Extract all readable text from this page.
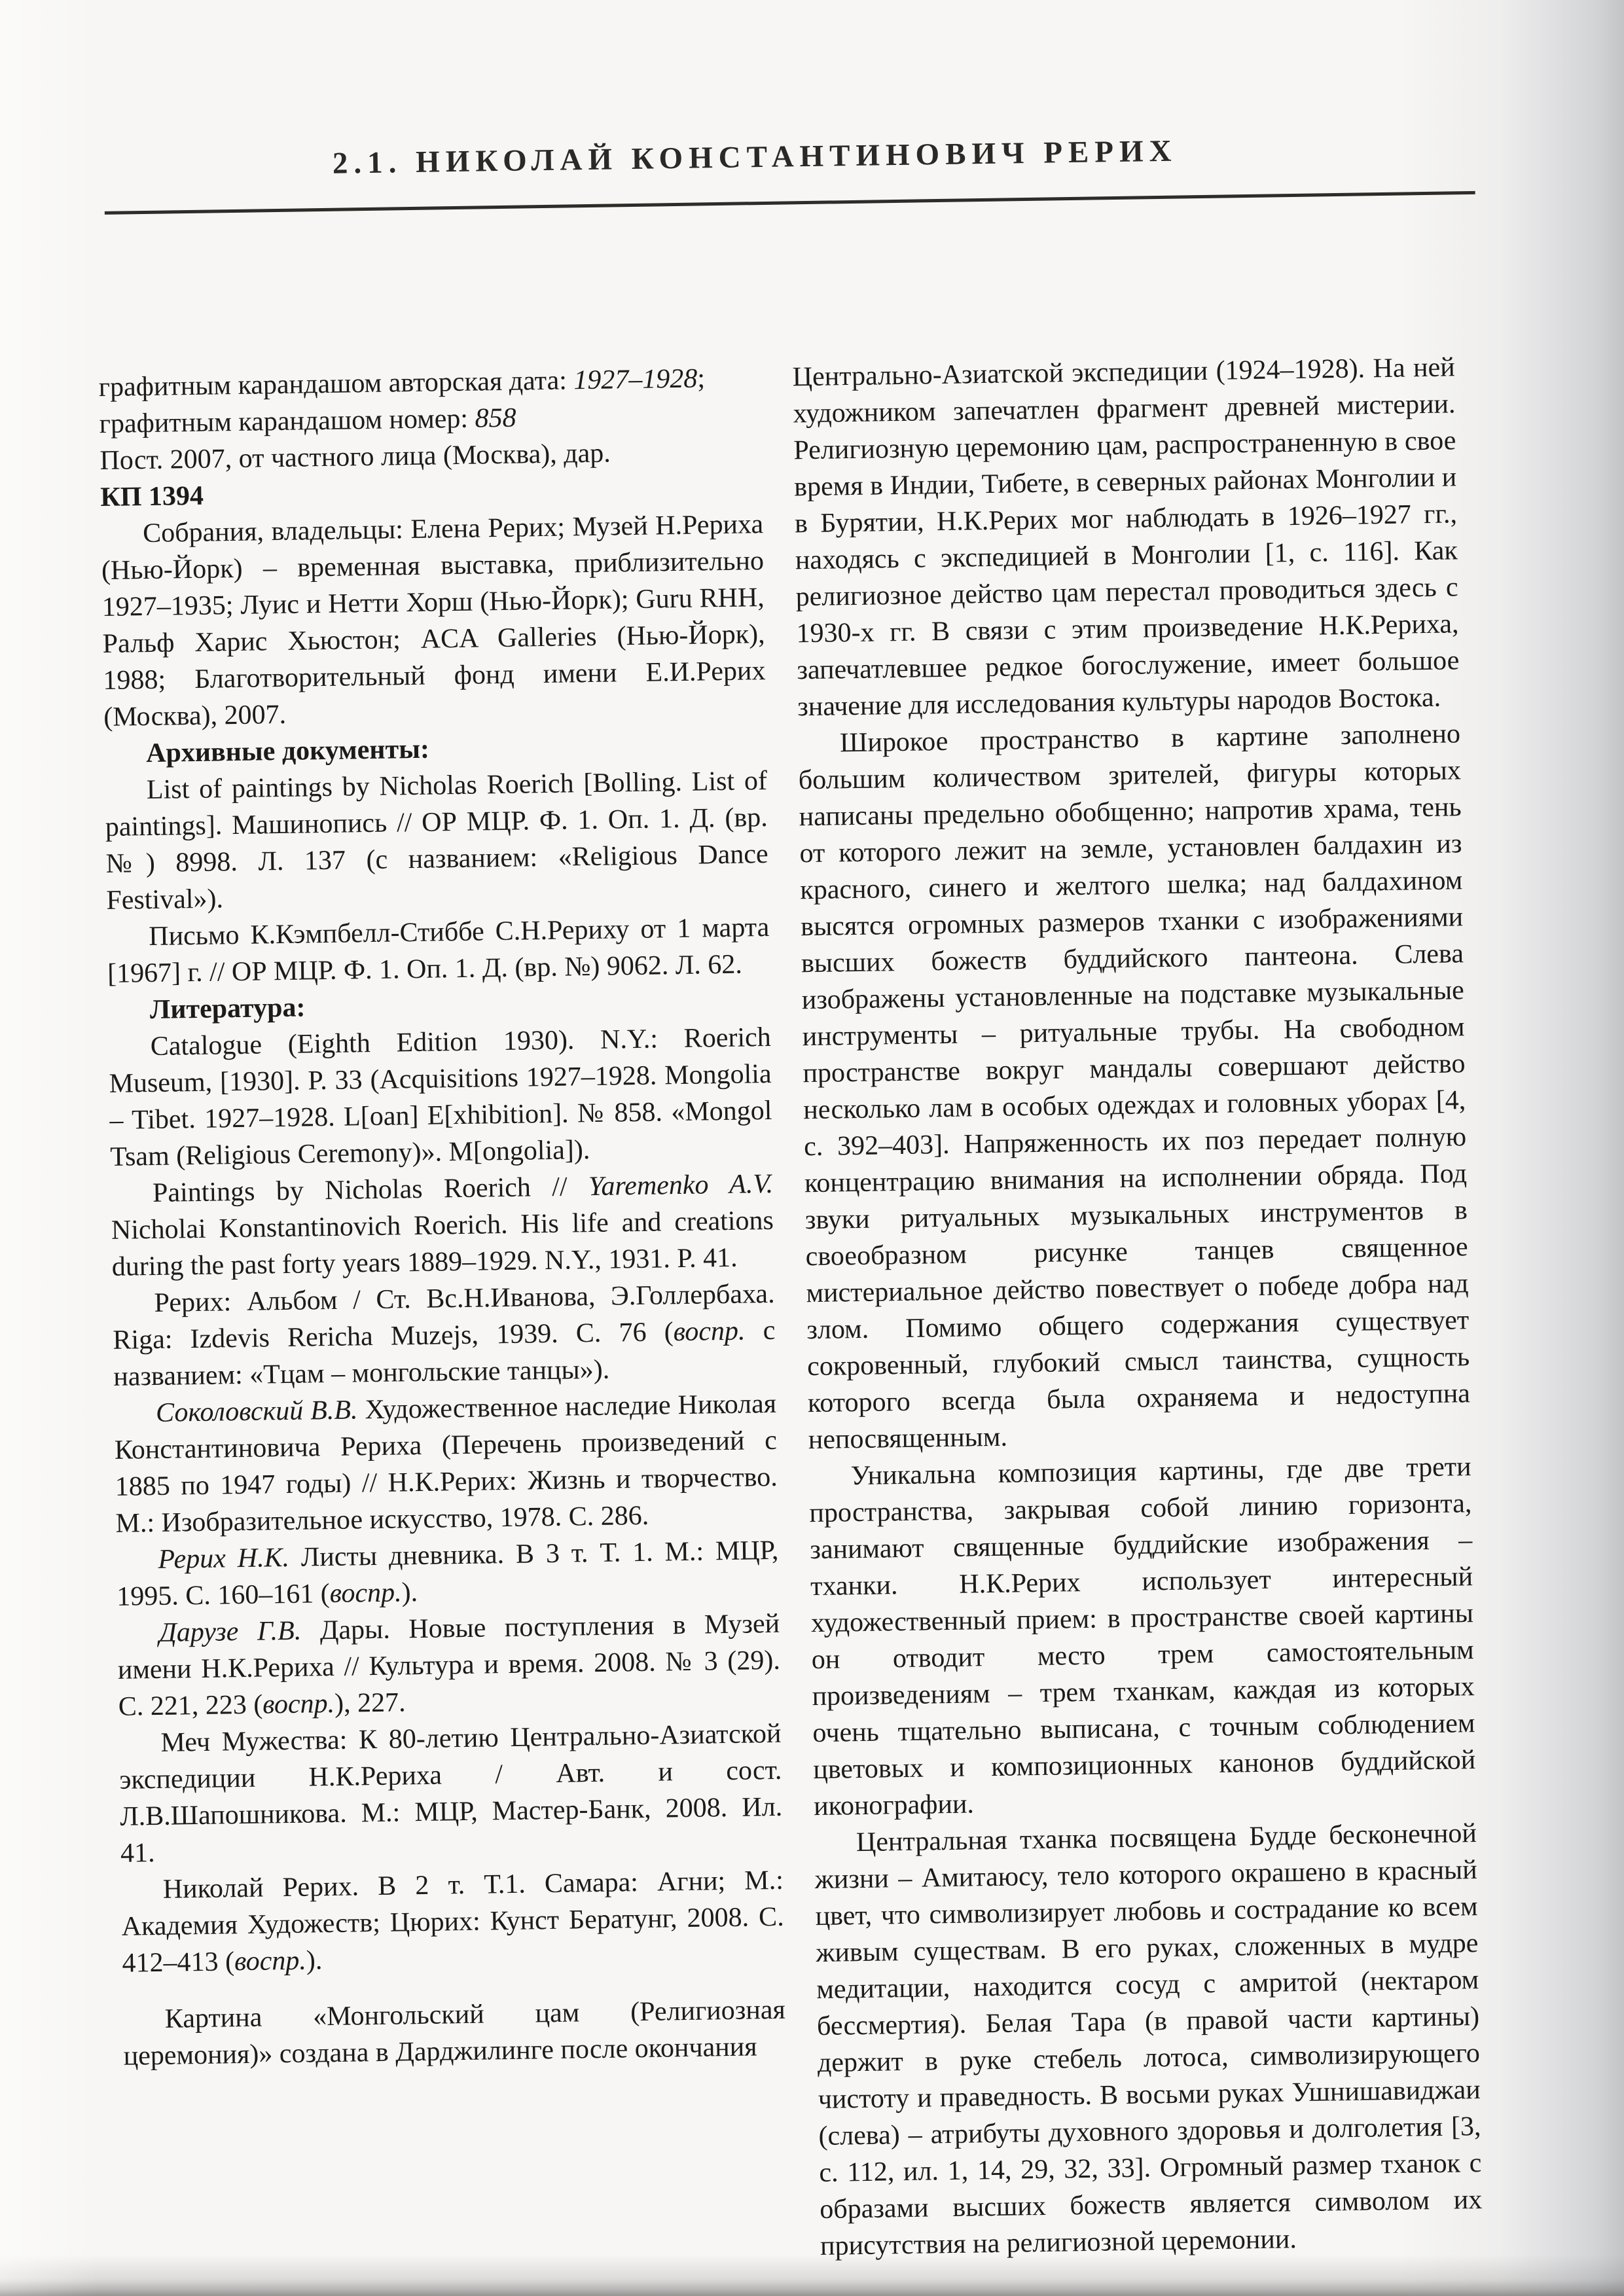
2.1. НИКОЛАЙ КОНСТАНТИНОВИЧ РЕРИХ

графитным карандашом авторская дата: 1927–1928;

графитным карандашом номер: 858

Пост. 2007, от частного лица (Москва), дар.

КП 1394

Собрания, владельцы: Елена Рерих; Музей Н.Рериха (Нью-Йорк) – временная выставка, приблизительно 1927–1935; Луис и Нетти Хорш (Нью-Йорк); Guru RHH, Ральф Харис Хьюстон; ACA Galleries (Нью-Йорк), 1988; Благотворительный фонд имени Е.И.Рерих (Москва), 2007.

Архивные документы:

List of paintings by Nicholas Roerich [Bolling. List of paintings]. Машинопись // ОР МЦР. Ф. 1. Оп. 1. Д. (вр. №) 8998. Л. 137 (с названием: «Religious Dance Festival»).

Письмо К.Кэмпбелл-Стиббе С.Н.Рериху от 1 марта [1967] г. // ОР МЦР. Ф. 1. Оп. 1. Д. (вр. №) 9062. Л. 62.

Литература:

Catalogue (Eighth Edition 1930). N.Y.: Roerich Museum, [1930]. P. 33 (Acquisitions 1927–1928. Mongolia – Tibet. 1927–1928. L[oan] E[xhibition]. № 858. «Mongol Tsam (Religious Ceremony)». M[ongolia]).

Paintings by Nicholas Roerich // Yaremenko A.V. Nicholai Konstantinovich Roerich. His life and creations during the past forty years 1889–1929. N.Y., 1931. P. 41.

Рерих: Альбом / Ст. Вс.Н.Иванова, Э.Голлербаха. Riga: Izdevis Rericha Muzejs, 1939. С. 76 (воспр. с названием: «Тцам – монгольские танцы»).

Соколовский В.В. Художественное наследие Николая Константиновича Рериха (Перечень произведений с 1885 по 1947 годы) // Н.К.Рерих: Жизнь и творчество. М.: Изобразительное искусство, 1978. С. 286.

Рерих Н.К. Листы дневника. В 3 т. Т. 1. М.: МЦР, 1995. С. 160–161 (воспр.).

Дарузе Г.В. Дары. Новые поступления в Музей имени Н.К.Рериха // Культура и время. 2008. № 3 (29). С. 221, 223 (воспр.), 227.

Меч Мужества: К 80-летию Центрально-Азиатской экспедиции Н.К.Рериха / Авт. и сост. Л.В.Шапошникова. М.: МЦР, Мастер-Банк, 2008. Ил. 41.

Николай Рерих. В 2 т. Т.1. Самара: Агни; М.: Академия Художеств; Цюрих: Кунст Бератунг, 2008. С. 412–413 (воспр.).

Картина «Монгольский цам (Религиозная церемония)» создана в Дарджилинге после окончания

Центрально-Азиатской экспедиции (1924–1928). На ней художником запечатлен фрагмент древней мистерии. Религиозную церемонию цам, распространенную в свое время в Индии, Тибете, в северных районах Монголии и в Бурятии, Н.К.Рерих мог наблюдать в 1926–1927 гг., находясь с экспедицией в Монголии [1, с. 116]. Как религиозное действо цам перестал проводиться здесь с 1930-х гг. В связи с этим произведение Н.К.Рериха, запечатлевшее редкое богослужение, имеет большое значение для исследования культуры народов Востока.

Широкое пространство в картине заполнено большим количеством зрителей, фигуры которых написаны предельно обобщенно; напротив храма, тень от которого лежит на земле, установлен балдахин из красного, синего и желтого шелка; над балдахином высятся огромных размеров тханки с изображениями высших божеств буддийского пантеона. Слева изображены установленные на подставке музыкальные инструменты – ритуальные трубы. На свободном пространстве вокруг мандалы совершают действо несколько лам в особых одеждах и головных уборах [4, с. 392–403]. Напряженность их поз передает полную концентрацию внимания на исполнении обряда. Под звуки ритуальных музыкальных инструментов в своеобразном рисунке танцев священное мистериальное действо повествует о победе добра над злом. Помимо общего содержания существует сокровенный, глубокий смысл таинства, сущность которого всегда была охраняема и недоступна непосвященным.

Уникальна композиция картины, где две трети пространства, закрывая собой линию горизонта, занимают священные буддийские изображения – тханки. Н.К.Рерих использует интересный художественный прием: в пространстве своей картины он отводит место трем самостоятельным произведениям – трем тханкам, каждая из которых очень тщательно выписана, с точным соблюдением цветовых и композиционных канонов буддийской иконографии.

Центральная тханка посвящена Будде бесконечной жизни – Амитаюсу, тело которого окрашено в красный цвет, что символизирует любовь и сострадание ко всем живым существам. В его руках, сложенных в мудре медитации, находится сосуд с амритой (нектаром бессмертия). Белая Тара (в правой части картины) держит в руке стебель лотоса, символизирующего чистоту и праведность. В восьми руках Ушнишавиджаи (слева) – атрибуты духовного здоровья и долголетия [3, с. 112, ил. 1, 14, 29, 32, 33]. Огромный размер тханок с образами высших божеств является символом их присутствия на религиозной церемонии.
